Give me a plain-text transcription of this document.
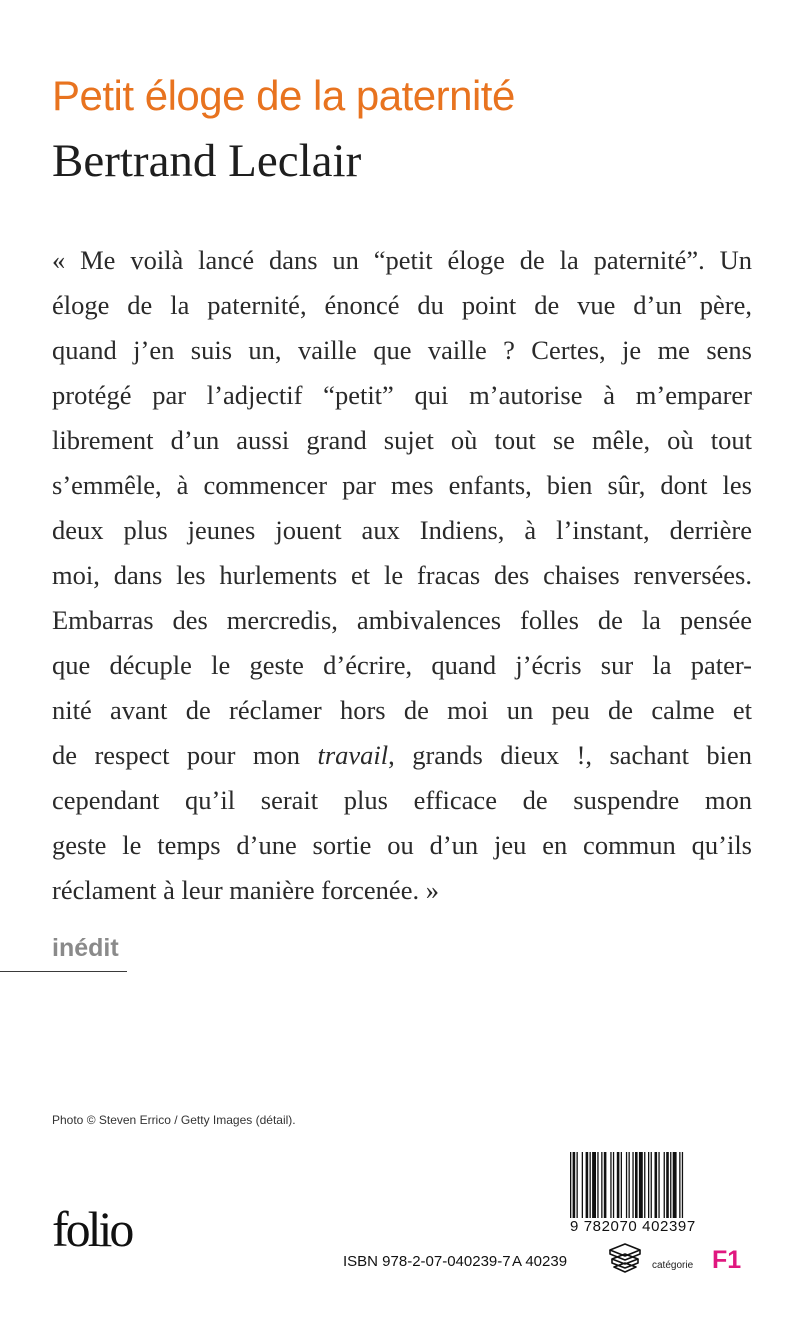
Petit éloge de la paternité
Bertrand Leclair

« Me voilà lancé dans un “petit éloge de la paternité”. Un
éloge de la paternité, énoncé du point de vue d’un père,
quand j’en suis un, vaille que vaille ? Certes, je me sens
protégé par l’adjectif “petit” qui m’autorise à m’emparer
librement d’un aussi grand sujet où tout se mêle, où tout
s’emmêle, à commencer par mes enfants, bien sûr, dont les
deux plus jeunes jouent aux Indiens, à l’instant, derrière
moi, dans les hurlements et le fracas des chaises renversées.
Embarras des mercredis, ambivalences folles de la pensée
que décuple le geste d’écrire, quand j’écris sur la pater-
nité avant de réclamer hors de moi un peu de calme et
de respect pour mon travail, grands dieux !, sachant bien
cependant qu’il serait plus efficace de suspendre mon
geste le temps d’une sortie ou d’un jeu en commun qu’ils
réclament à leur manière forcenée. »

inédit
Photo © Steven Errico / Getty Images (détail).
folio	9 782070 402397
ISBN 978-2-07-040239-7 A 40239	catégorie F1
